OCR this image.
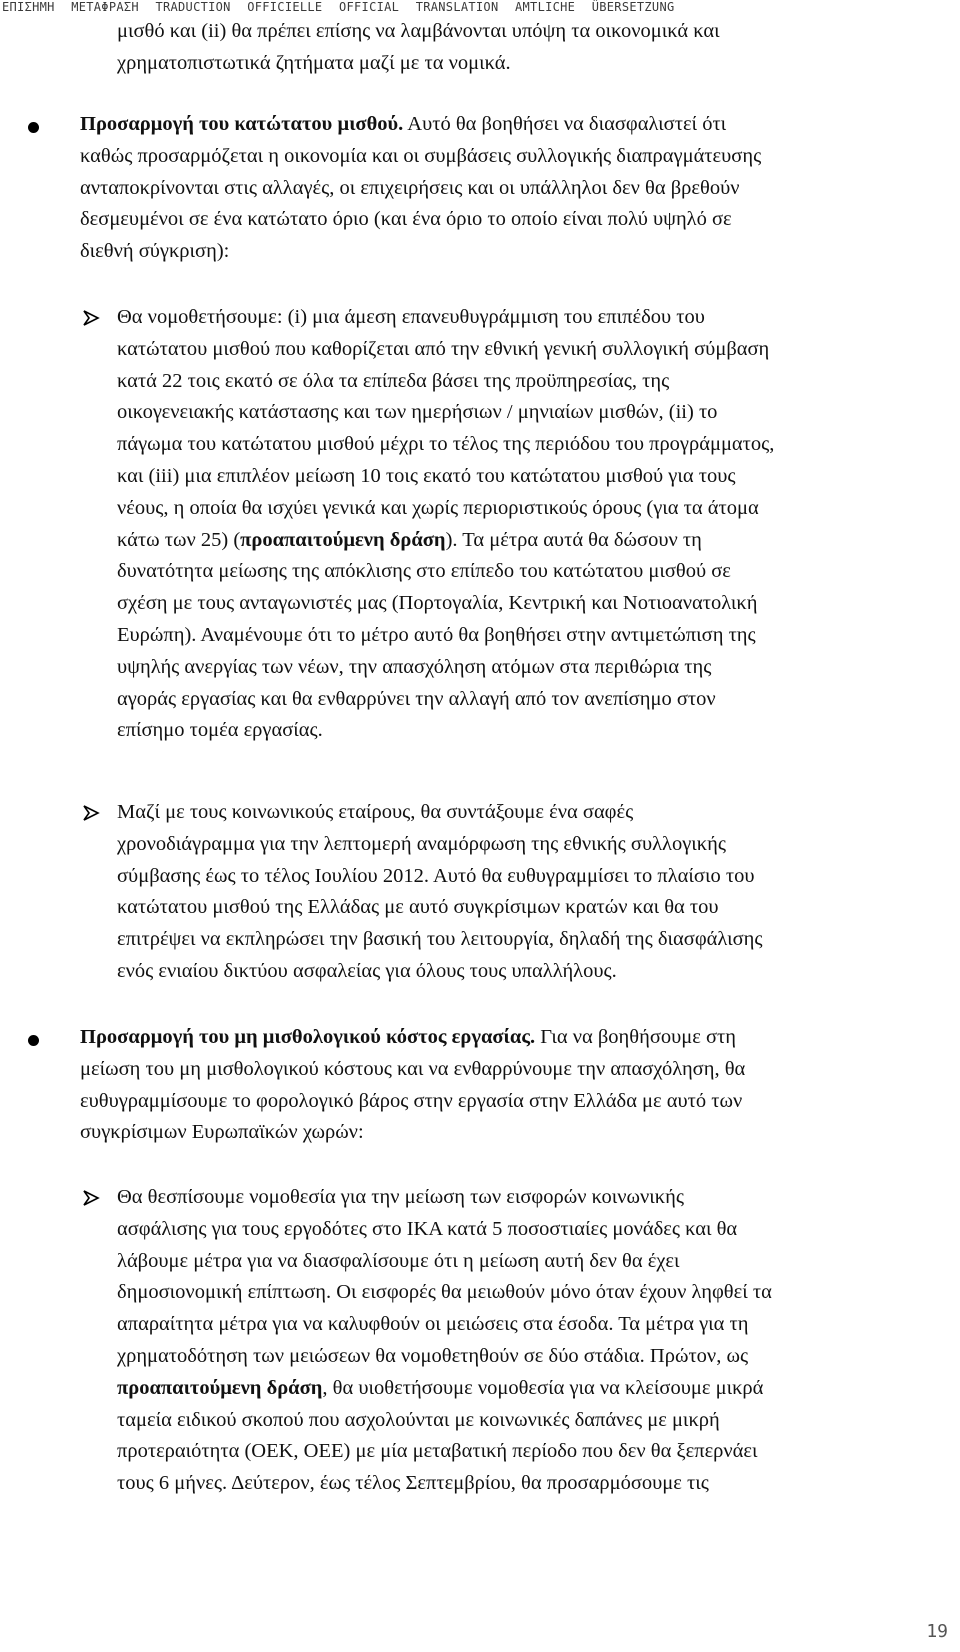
ΕΠΙΣΗΜΗ ΜΕΤΑΦΡΑΣΗ TRADUCTION OFFICIELLE OFFICIAL TRANSLATION AMTLICHE ÜBERSETZUNG
μισθό και (ii) θα πρέπει επίσης να λαμβάνονται υπόψη τα οικονομικά και
χρηματοπιστωτικά ζητήματα μαζί με τα νομικά.
Προσαρμογή του κατώτατου μισθού. Αυτό θα βοηθήσει να διασφαλιστεί ότι
καθώς προσαρμόζεται η οικονομία και οι συμβάσεις συλλογικής διαπραγμάτευσης
ανταποκρίνονται στις αλλαγές, οι επιχειρήσεις και οι υπάλληλοι δεν θα βρεθούν
δεσμευμένοι σε ένα κατώτατο όριο (και ένα όριο το οποίο είναι πολύ υψηλό σε
διεθνή σύγκριση):
Θα νομοθετήσουμε: (i) μια άμεση επανευθυγράμμιση του επιπέδου του
κατώτατου μισθού που καθορίζεται από την εθνική γενική συλλογική σύμβαση
κατά 22 τοις εκατό σε όλα τα επίπεδα βάσει της προϋπηρεσίας, της
οικογενειακής κατάστασης και των ημερήσιων / μηνιαίων μισθών, (ii) το
πάγωμα του κατώτατου μισθού μέχρι το τέλος της περιόδου του προγράμματος,
και (iii) μια επιπλέον μείωση 10 τοις εκατό του κατώτατου μισθού για τους
νέους, η οποία θα ισχύει γενικά και χωρίς περιοριστικούς όρους (για τα άτομα
κάτω των 25) (προαπαιτούμενη δράση). Τα μέτρα αυτά θα δώσουν τη
δυνατότητα μείωσης της απόκλισης στο επίπεδο του κατώτατου μισθού σε
σχέση με τους ανταγωνιστές μας (Πορτογαλία, Κεντρική και Νοτιοανατολική
Ευρώπη). Αναμένουμε ότι το μέτρο αυτό θα βοηθήσει στην αντιμετώπιση της
υψηλής ανεργίας των νέων, την απασχόληση ατόμων στα περιθώρια της
αγοράς εργασίας και θα ενθαρρύνει την αλλαγή από τον ανεπίσημο στον
επίσημο τομέα εργασίας.
Μαζί με τους κοινωνικούς εταίρους, θα συντάξουμε ένα σαφές
χρονοδιάγραμμα για την λεπτομερή αναμόρφωση της εθνικής συλλογικής
σύμβασης έως το τέλος Ιουλίου 2012. Αυτό θα ευθυγραμμίσει το πλαίσιο του
κατώτατου μισθού της Ελλάδας με αυτό συγκρίσιμων κρατών και θα του
επιτρέψει να εκπληρώσει την βασική του λειτουργία, δηλαδή της διασφάλισης
ενός ενιαίου δικτύου ασφαλείας για όλους τους υπαλλήλους.
Προσαρμογή του μη μισθολογικού κόστος εργασίας. Για να βοηθήσουμε στη
μείωση του μη μισθολογικού κόστους και να ενθαρρύνουμε την απασχόληση, θα
ευθυγραμμίσουμε το φορολογικό βάρος στην εργασία στην Ελλάδα με αυτό των
συγκρίσιμων Ευρωπαϊκών χωρών:
Θα θεσπίσουμε νομοθεσία για την μείωση των εισφορών κοινωνικής
ασφάλισης για τους εργοδότες στο ΙΚΑ κατά 5 ποσοστιαίες μονάδες και θα
λάβουμε μέτρα για να διασφαλίσουμε ότι η μείωση αυτή δεν θα έχει
δημοσιονομική επίπτωση. Οι εισφορές θα μειωθούν μόνο όταν έχουν ληφθεί τα
απαραίτητα μέτρα για να καλυφθούν οι μειώσεις στα έσοδα. Τα μέτρα για τη
χρηματοδότηση των μειώσεων θα νομοθετηθούν σε δύο στάδια. Πρώτον, ως
προαπαιτούμενη δράση, θα υιοθετήσουμε νομοθεσία για να κλείσουμε μικρά
ταμεία ειδικού σκοπού που ασχολούνται με κοινωνικές δαπάνες με μικρή
προτεραιότητα (ΟΕΚ, ΟΕΕ) με μία μεταβατική περίοδο που δεν θα ξεπερνάει
τους 6 μήνες. Δεύτερον, έως τέλος Σεπτεμβρίου, θα προσαρμόσουμε τις
19
